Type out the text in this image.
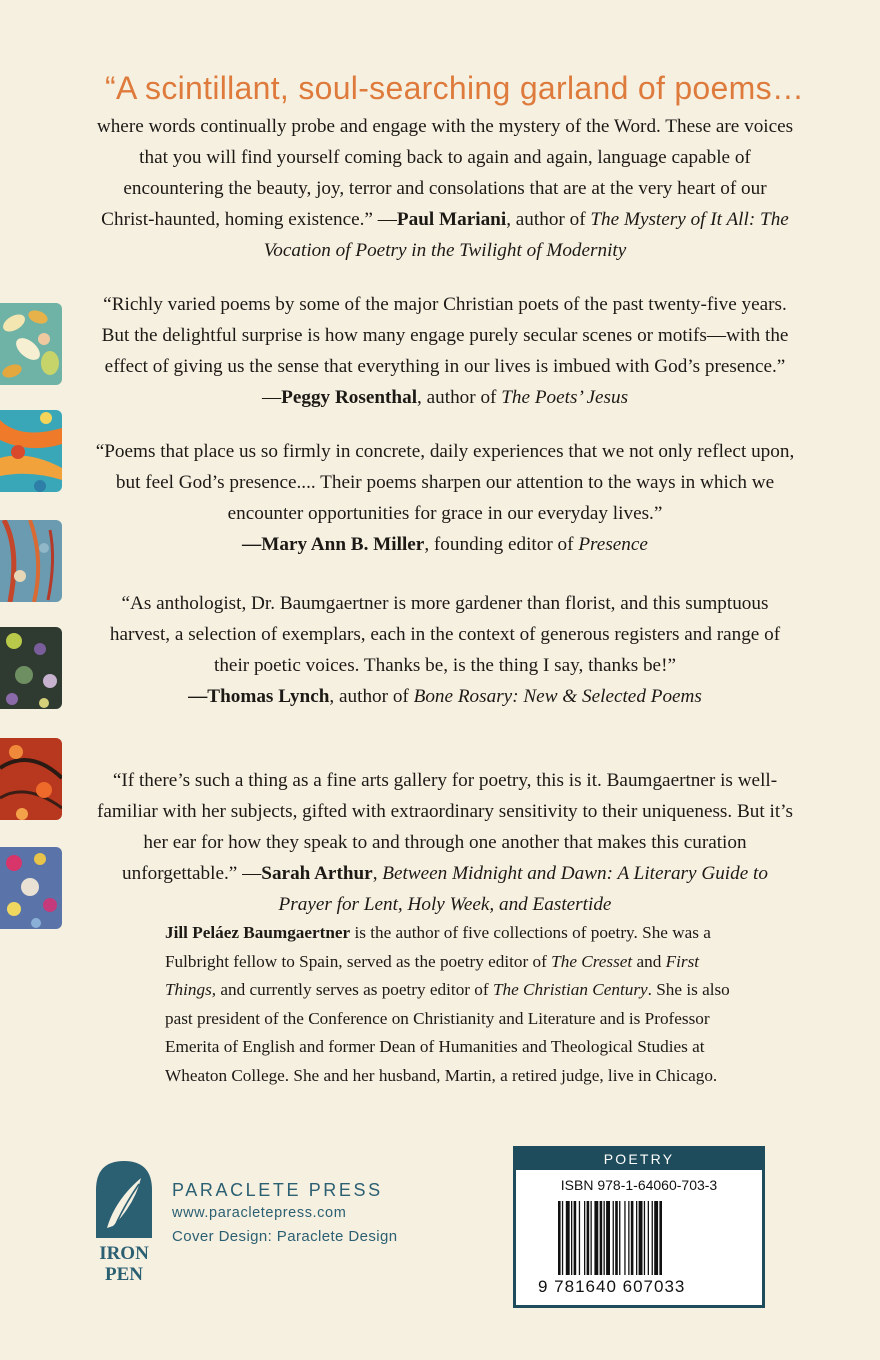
“A scintillant, soul-searching garland of poems…
where words continually probe and engage with the mystery of the Word. These are voices that you will find yourself coming back to again and again, language capable of encountering the beauty, joy, terror and consolations that are at the very heart of our Christ-haunted, homing existence.” —Paul Mariani, author of The Mystery of It All: The Vocation of Poetry in the Twilight of Modernity
“Richly varied poems by some of the major Christian poets of the past twenty-five years. But the delightful surprise is how many engage purely secular scenes or motifs—with the effect of giving us the sense that everything in our lives is imbued with God’s presence.” —Peggy Rosenthal, author of The Poets’ Jesus
“Poems that place us so firmly in concrete, daily experiences that we not only reflect upon, but feel God’s presence.... Their poems sharpen our attention to the ways in which we encounter opportunities for grace in our everyday lives.”
—Mary Ann B. Miller, founding editor of Presence
“As anthologist, Dr. Baumgaertner is more gardener than florist, and this sumptuous harvest, a selection of exemplars, each in the context of generous registers and range of their poetic voices. Thanks be, is the thing I say, thanks be!”
—Thomas Lynch, author of Bone Rosary: New & Selected Poems
“If there’s such a thing as a fine arts gallery for poetry, this is it. Baumgaertner is well-familiar with her subjects, gifted with extraordinary sensitivity to their uniqueness. But it’s her ear for how they speak to and through one another that makes this curation unforgettable.” —Sarah Arthur, Between Midnight and Dawn: A Literary Guide to Prayer for Lent, Holy Week, and Eastertide
Jill Peláez Baumgaertner is the author of five collections of poetry. She was a Fulbright fellow to Spain, served as the poetry editor of The Cresset and First Things, and currently serves as poetry editor of The Christian Century. She is also past president of the Conference on Christianity and Literature and is Professor Emerita of English and former Dean of Humanities and Theological Studies at Wheaton College. She and her husband, Martin, a retired judge, live in Chicago.
IRON
PEN
PARACLETE PRESS
www.paracletepress.com
Cover Design: Paraclete Design
POETRY
ISBN 978-1-64060-703-3
9 781640 607033
